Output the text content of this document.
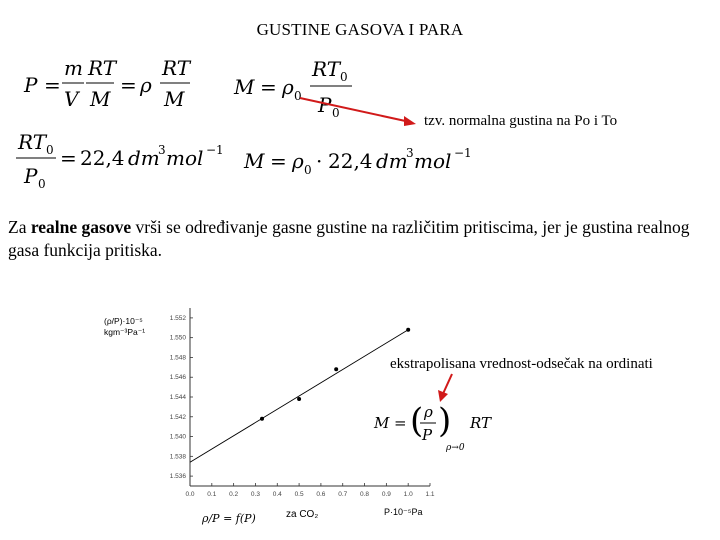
GUSTINE GASOVA I PARA
P =
m
V
RT
M
= ρ
RT
M M = ρ 0
RT 0
P 0
RT 0
P 0
= 22,4 dm
3 mol −1 M = ρ 0 · 22,4 dm
3 mol −1
tzv. normalna gustina na Po i To
Za realne gasove vrši se određivanje gasne gustine na različitim pritiscima, jer je gustina realnog gasa funkcija pritiska.
(ρ/P)·10⁻⁵
kgm⁻³Pa⁻¹
1.552
1.550
1.548
1.546
1.544
1.542
1.540
1.538
1.536
0.0 0.1 0.2 0.3 0.4 0.5 0.6 0.7 0.8 0.9 1.0 1.1
ekstrapolisana vrednost-odsečak na ordinati
M = ( ρ
P )
ρ→0
RT
ρ/P = f(P)	za CO₂	P·10⁻⁵Pa
